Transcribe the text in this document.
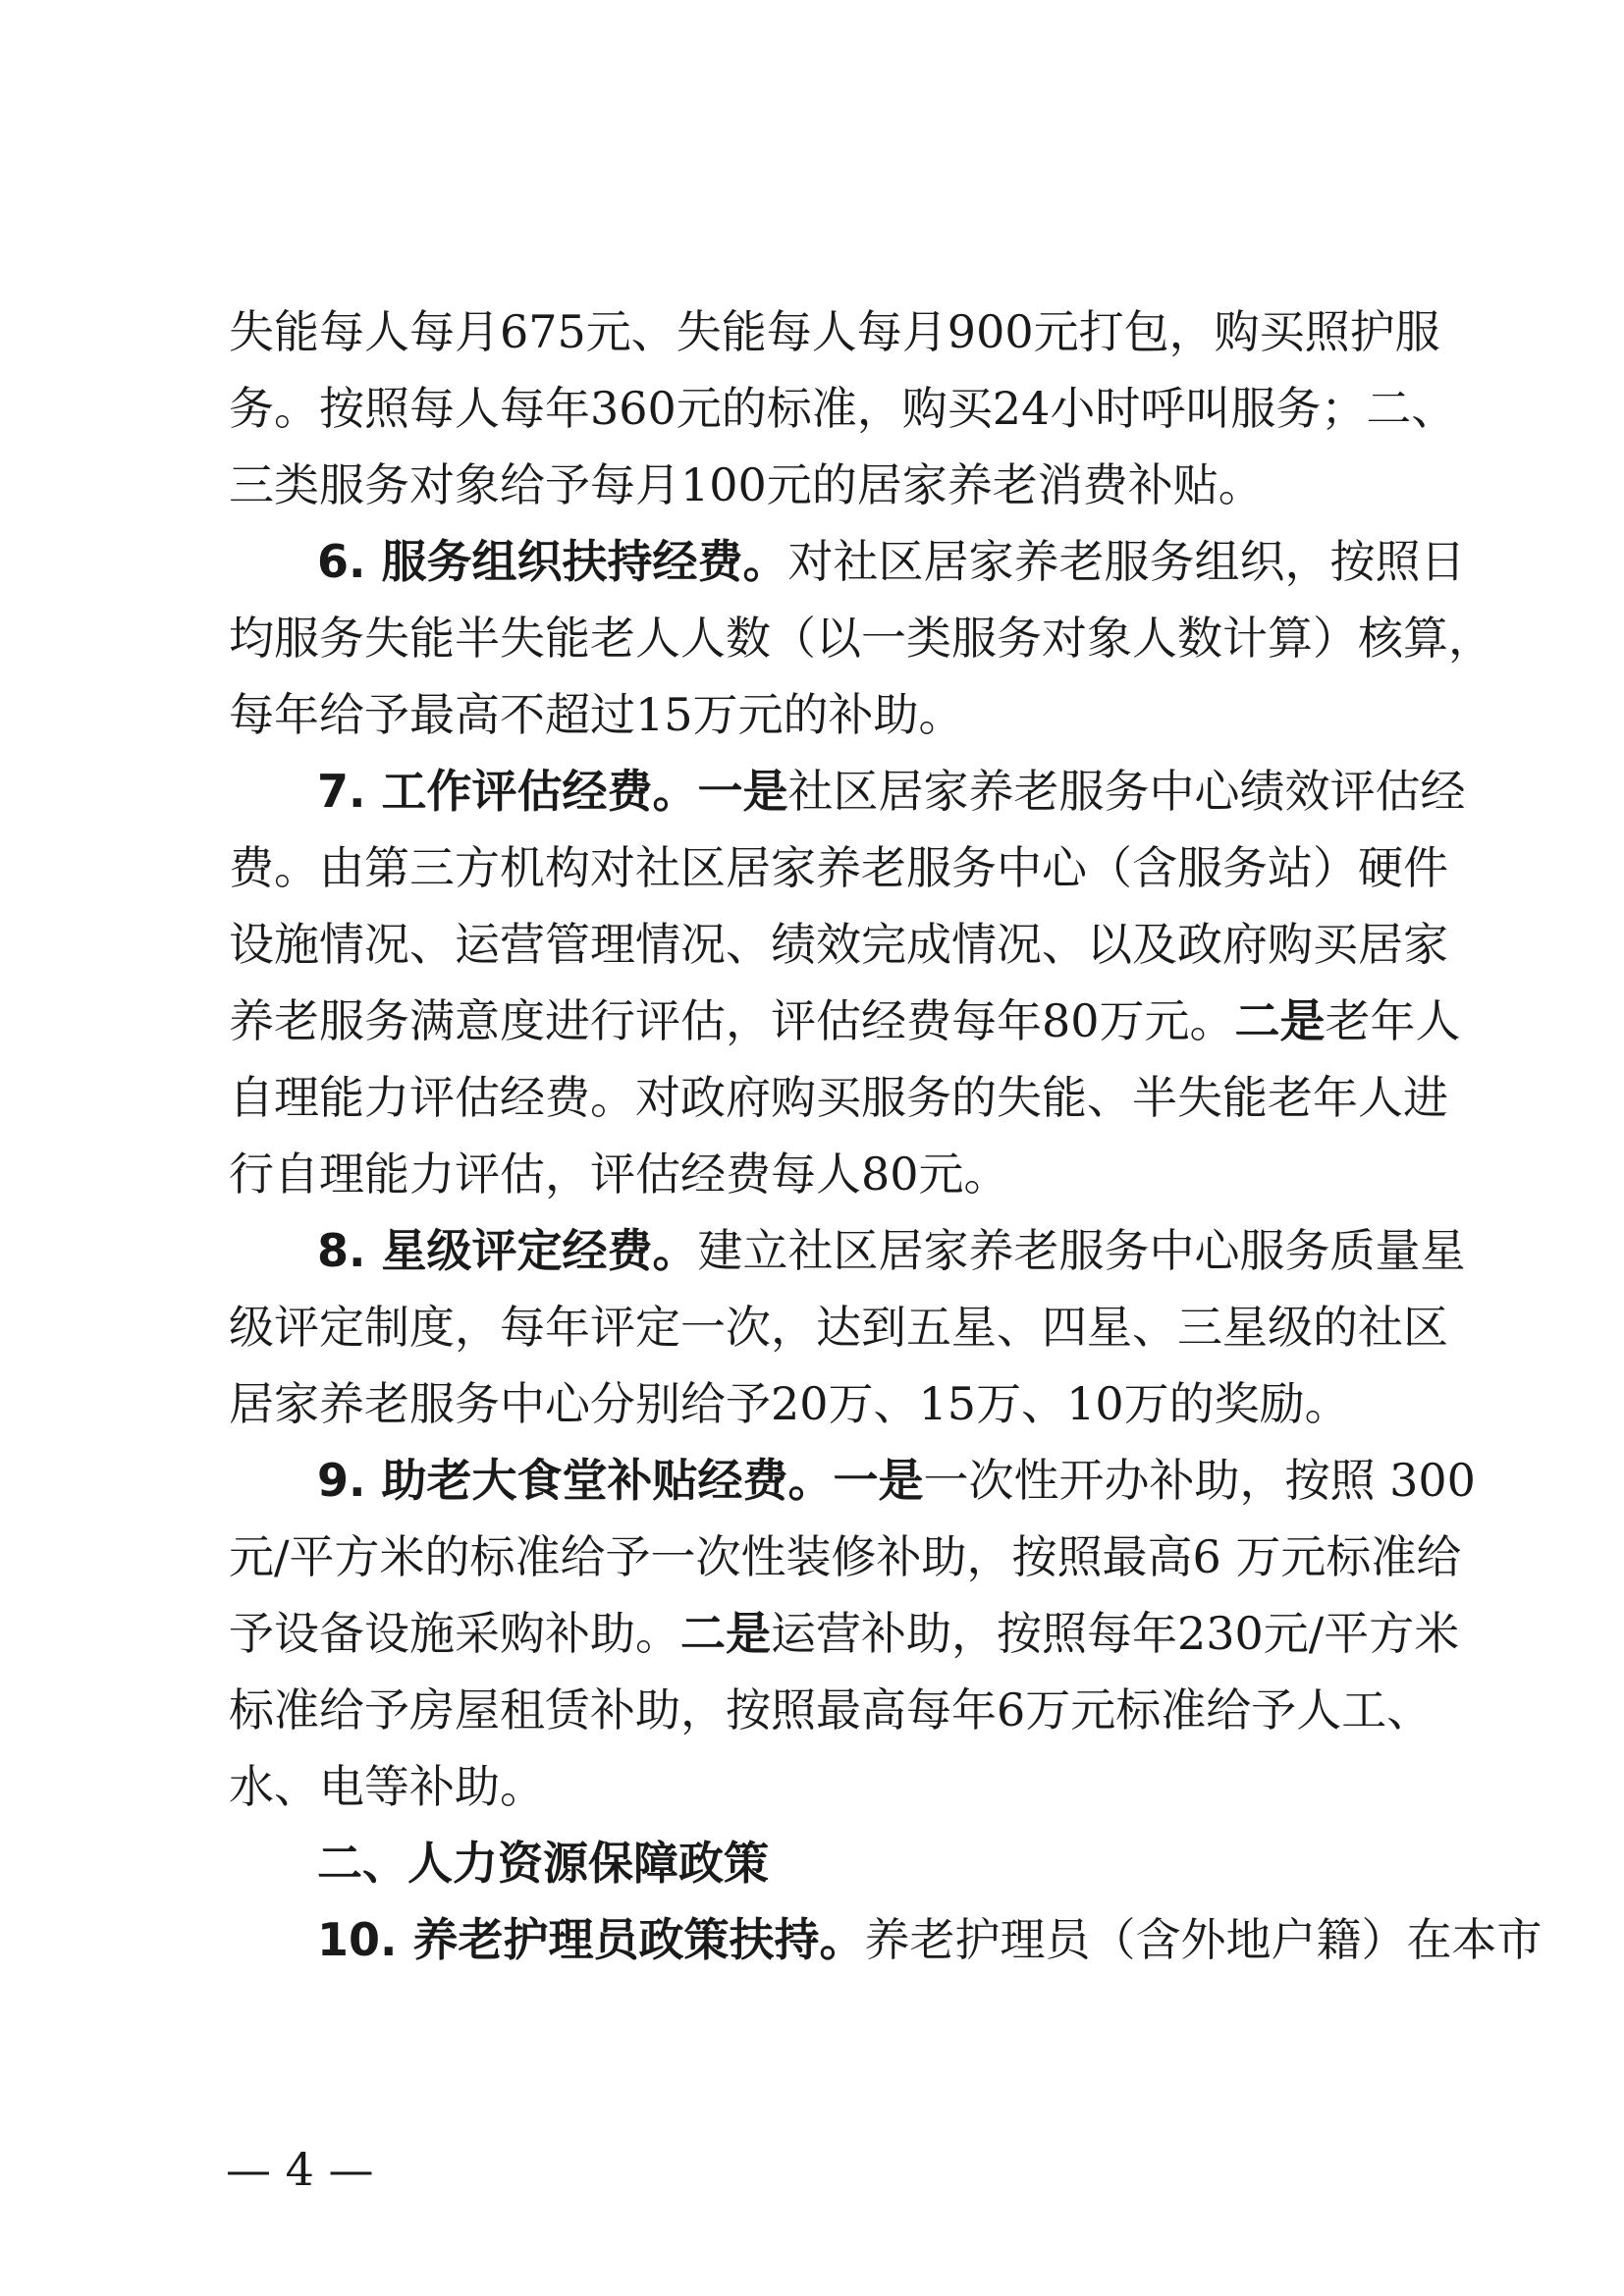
失能每人每月675元、失能每人每月900元打包，购买照护服
务。按照每人每年360元的标准，购买24小时呼叫服务；二、
三类服务对象给予每月100元的居家养老消费补贴。
6. 服务组织扶持经费。对社区居家养老服务组织，按照日
均服务失能半失能老人人数（以一类服务对象人数计算）核算，
每年给予最高不超过15万元的补助。
7. 工作评估经费。一是社区居家养老服务中心绩效评估经
费。由第三方机构对社区居家养老服务中心（含服务站）硬件
设施情况、运营管理情况、绩效完成情况、以及政府购买居家
养老服务满意度进行评估，评估经费每年80万元。二是老年人
自理能力评估经费。对政府购买服务的失能、半失能老年人进
行自理能力评估，评估经费每人80元。
8. 星级评定经费。建立社区居家养老服务中心服务质量星
级评定制度，每年评定一次，达到五星、四星、三星级的社区
居家养老服务中心分别给予20万、15万、10万的奖励。
9. 助老大食堂补贴经费。一是一次性开办补助，按照 300
元/平方米的标准给予一次性装修补助，按照最高6 万元标准给
予设备设施采购补助。二是运营补助，按照每年230元/平方米
标准给予房屋租赁补助，按照最高每年6万元标准给予人工、
水、电等补助。
二、人力资源保障政策
10. 养老护理员政策扶持。养老护理员（含外地户籍）在本市
— 4 —
